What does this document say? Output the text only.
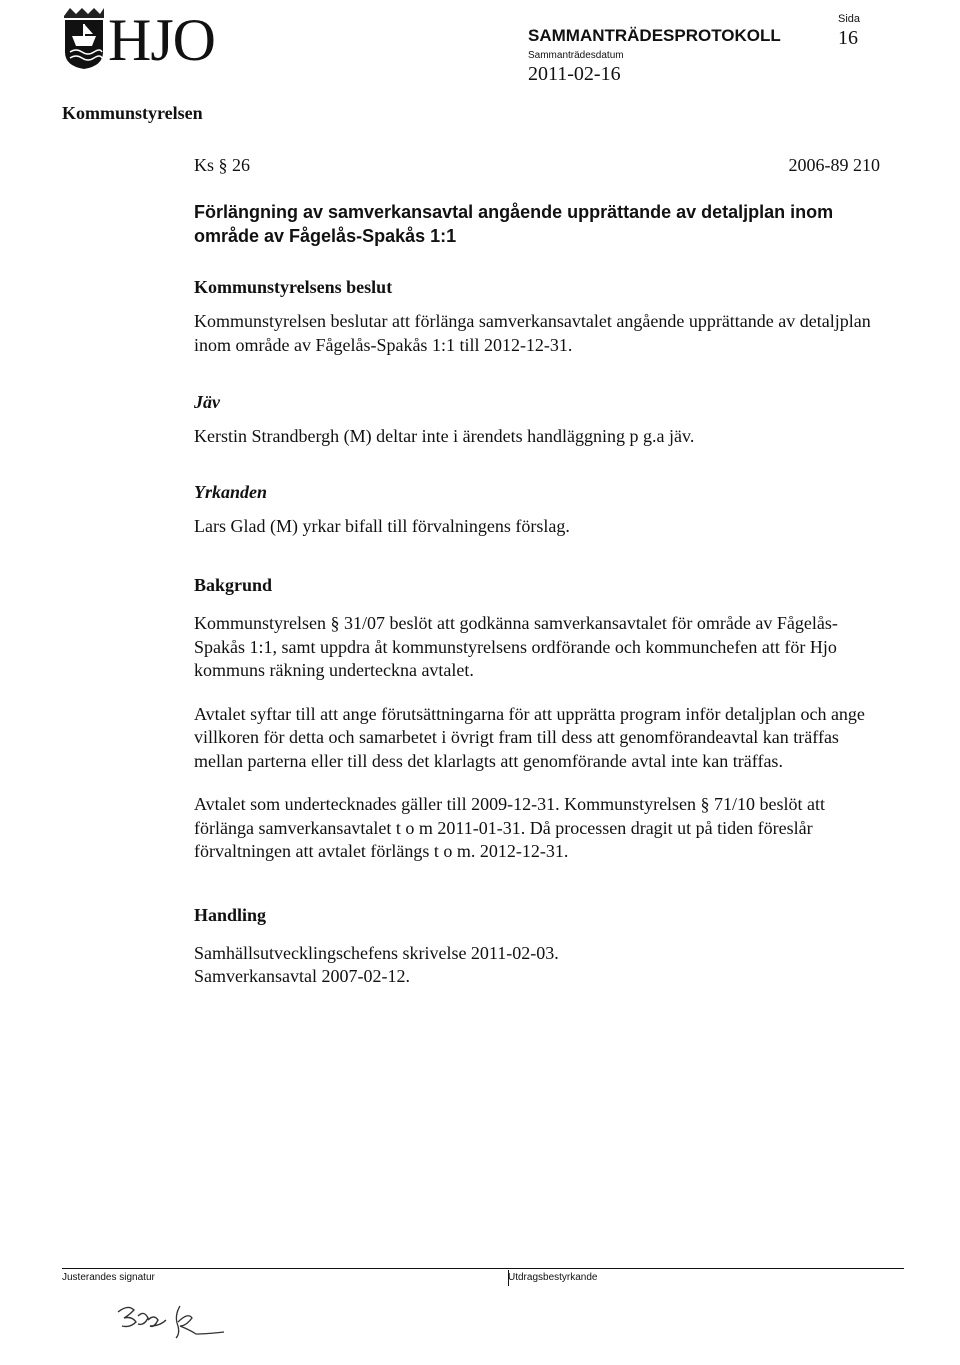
HJO	SAMMANTRÄDESPROTOKOLL
Sammanträdesdatum
2011-02-16
Sida
16
Kommunstyrelsen
Ks § 26	2006-89 210
Förlängning av samverkansavtal angående upprättande av detaljplan inom område av Fågelås-Spakås 1:1
Kommunstyrelsens beslut
Kommunstyrelsen beslutar att förlänga samverkansavtalet angående upprättande av detaljplan inom område av Fågelås-Spakås 1:1 till 2012-12-31.
Jäv
Kerstin Strandbergh (M) deltar inte i ärendets handläggning p g.a jäv.
Yrkanden
Lars Glad (M) yrkar bifall till förvalningens förslag.
Bakgrund
Kommunstyrelsen § 31/07 beslöt att godkänna samverkansavtalet för område av Fågelås-Spakås 1:1, samt uppdra åt kommunstyrelsens ordförande och kommunchefen att för Hjo kommuns räkning underteckna avtalet.
Avtalet syftar till att ange förutsättningarna för att upprätta program inför detaljplan och ange villkoren för detta och samarbetet i övrigt fram till dess att genomförandeavtal kan träffas mellan parterna eller till dess det klarlagts att genomförande avtal inte kan träffas.
Avtalet som undertecknades gäller till 2009-12-31. Kommunstyrelsen § 71/10 beslöt att förlänga samverkansavtalet t o m 2011-01-31. Då processen dragit ut på tiden föreslår förvaltningen att avtalet förlängs t o m. 2012-12-31.
Handling
Samhällsutvecklingschefens skrivelse 2011-02-03.
Samverkansavtal 2007-02-12.
Justerandes signatur	Utdragsbestyrkande
